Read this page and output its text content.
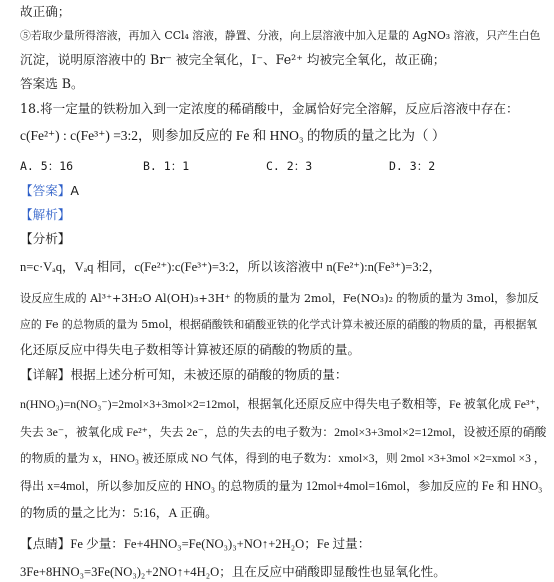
故正确；
⑤若取少量所得溶液，再加入 CCl₄ 溶液，静置、分液，向上层溶液中加入足量的 AgNO₃ 溶液，只产生白色
沉淀，说明原溶液中的 Br⁻ 被完全氧化，I⁻、Fe²⁺ 均被完全氧化，故正确；
答案选 B。
18.将一定量的铁粉加入到一定浓度的稀硝酸中，金属恰好完全溶解，反应后溶液中存在：
c(Fe²⁺) : c(Fe³⁺) =3:2，则参加反应的 Fe 和 HNO₃ 的物质的量之比为（ ）
A. 5：16	B. 1：1	C. 2：3	D. 3：2
【答案】A
【解析】
【分析】
n=c·Vₐq，Vₐq 相同，c(Fe²⁺):c(Fe³⁺)=3:2，所以该溶液中 n(Fe²⁺):n(Fe³⁺)=3:2，
设反应生成的 Al³⁺+3H₂O Al(OH)₃+3H⁺ 的物质的量为 2mol，Fe(NO₃)₂ 的物质的量为 3mol，参加反
应的 Fe 的总物质的量为 5mol，根据硝酸铁和硝酸亚铁的化学式计算未被还原的硝酸的物质的量，再根据氧
化还原反应中得失电子数相等计算被还原的硝酸的物质的量。
【详解】根据上述分析可知，未被还原的硝酸的物质的量：
n(HNO₃)=n(NO₃⁻)=2mol×3+3mol×2=12mol，根据氧化还原反应中得失电子数相等，Fe 被氧化成 Fe³⁺，
失去 3e⁻，被氧化成 Fe²⁺，失去 2e⁻，总的失去的电子数为：2mol×3+3mol×2=12mol，设被还原的硝酸
的物质的量为 x，HNO₃ 被还原成 NO 气体，得到的电子数为：xmol×3，则 2mol ×3+3mol ×2=xmol ×3 ，
得出 x=4mol，所以参加反应的 HNO₃ 的总物质的量为 12mol+4mol=16mol，参加反应的 Fe 和 HNO₃
的物质的量之比为：5:16，A 正确。
【点睛】Fe 少量：Fe+4HNO₃=Fe(NO₃)₃+NO↑+2H₂O；Fe 过量：
3Fe+8HNO₃=3Fe(NO₃)₂+2NO↑+4H₂O；且在反应中硝酸即显酸性也显氧化性。
